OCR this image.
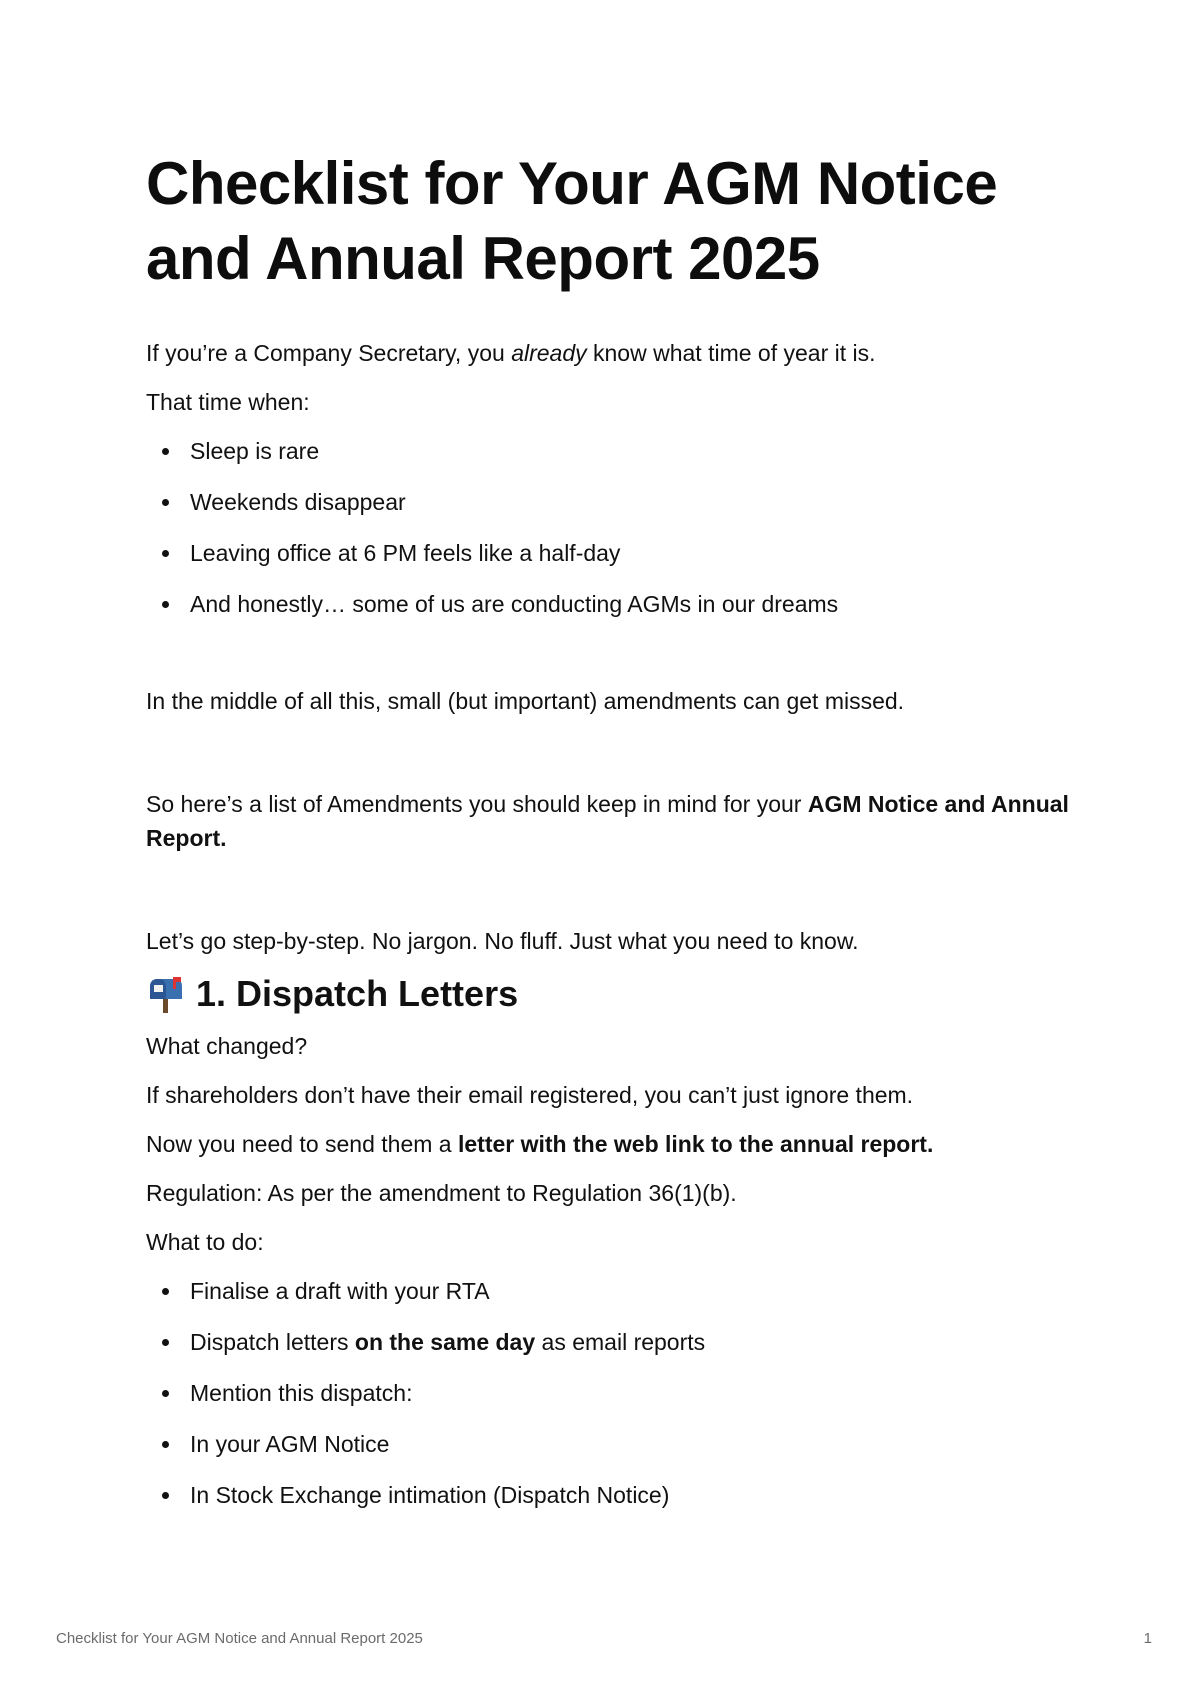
Checklist for Your AGM Notice and Annual Report 2025

If you’re a Company Secretary, you already know what time of year it is.

That time when:

Sleep is rare
Weekends disappear
Leaving office at 6 PM feels like a half-day
And honestly… some of us are conducting AGMs in our dreams

In the middle of all this, small (but important) amendments can get missed.

So here’s a list of Amendments you should keep in mind for your AGM Notice and Annual Report.

Let’s go step-by-step. No jargon. No fluff. Just what you need to know.

1. Dispatch Letters

What changed?

If shareholders don’t have their email registered, you can’t just ignore them.

Now you need to send them a letter with the web link to the annual report.

Regulation: As per the amendment to Regulation 36(1)(b).

What to do:

Finalise a draft with your RTA
Dispatch letters on the same day as email reports
Mention this dispatch:
In your AGM Notice
In Stock Exchange intimation (Dispatch Notice)
Checklist for Your AGM Notice and Annual Report 2025	1
